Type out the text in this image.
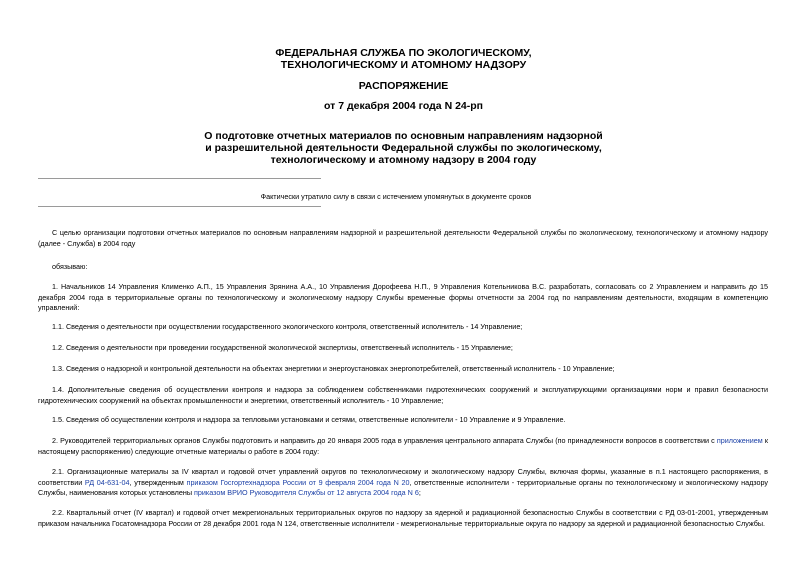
ФЕДЕРАЛЬНАЯ СЛУЖБА ПО ЭКОЛОГИЧЕСКОМУ,

ТЕХНОЛОГИЧЕСКОМУ И АТОМНОМУ НАДЗОРУ

РАСПОРЯЖЕНИЕ

от 7 декабря 2004 года N 24-рп

О подготовке отчетных материалов по основным направлениям надзорной

и разрешительной деятельности Федеральной службы по экологическому,

технологическому и атомному надзору в 2004 году

Фактически утратило силу в связи с истечением упомянутых в документе сроков

С целью организации подготовки отчетных материалов по основным направлениям надзорной и разрешительной деятельности Федеральной службы по экологическому, технологическому и атомному надзору (далее - Служба) в 2004 году

обязываю:

1. Начальников 14 Управления Клименко А.П., 15 Управления Зрянина А.А., 10 Управления Дорофеева Н.П., 9 Управления Котельникова В.С. разработать, согласовать со 2 Управлением и направить до 15 декабря 2004 года в территориальные органы по технологическому и экологическому надзору Службы временные формы отчетности за 2004 год по направлениям деятельности, входящим в компетенцию управлений:

1.1. Сведения о деятельности при осуществлении государственного экологического контроля, ответственный исполнитель - 14 Управление;

1.2. Сведения о деятельности при проведении государственной экологической экспертизы, ответственный исполнитель - 15 Управление;

1.3. Сведения о надзорной и контрольной деятельности на объектах энергетики и энергоустановках энергопотребителей, ответственный исполнитель - 10 Управление;

1.4. Дополнительные сведения об осуществлении контроля и надзора за соблюдением собственниками гидротехнических сооружений и эксплуатирующими организациями норм и правил безопасности гидротехнических сооружений на объектах промышленности и энергетики, ответственный исполнитель - 10 Управление;

1.5. Сведения об осуществлении контроля и надзора за тепловыми установками и сетями, ответственные исполнители - 10 Управление и 9 Управление.

2. Руководителей территориальных органов Службы подготовить и направить до 20 января 2005 года в управления центрального аппарата Службы (по принадлежности вопросов в соответствии с приложением к настоящему распоряжению) следующие отчетные материалы о работе в 2004 году:

2.1. Организационные материалы за IV квартал и годовой отчет управлений округов по технологическому и экологическому надзору Службы, включая формы, указанные в п.1 настоящего распоряжения, в соответствии РД 04-631-04, утвержденным приказом Госгортехнадзора России от 9 февраля 2004 года N 20, ответственные исполнители - территориальные органы по технологическому и экологическому надзору Службы, наименования которых установлены приказом ВРИО Руководителя Службы от 12 августа 2004 года N 6;

2.2. Квартальный отчет (IV квартал) и годовой отчет межрегиональных территориальных округов по надзору за ядерной и радиационной безопасностью Службы в соответствии с РД 03-01-2001, утвержденным приказом начальника Госатомнадзора России от 28 декабря 2001 года N 124, ответственные исполнители - межрегиональные территориальные округа по надзору за ядерной и радиационной безопасностью Службы.
